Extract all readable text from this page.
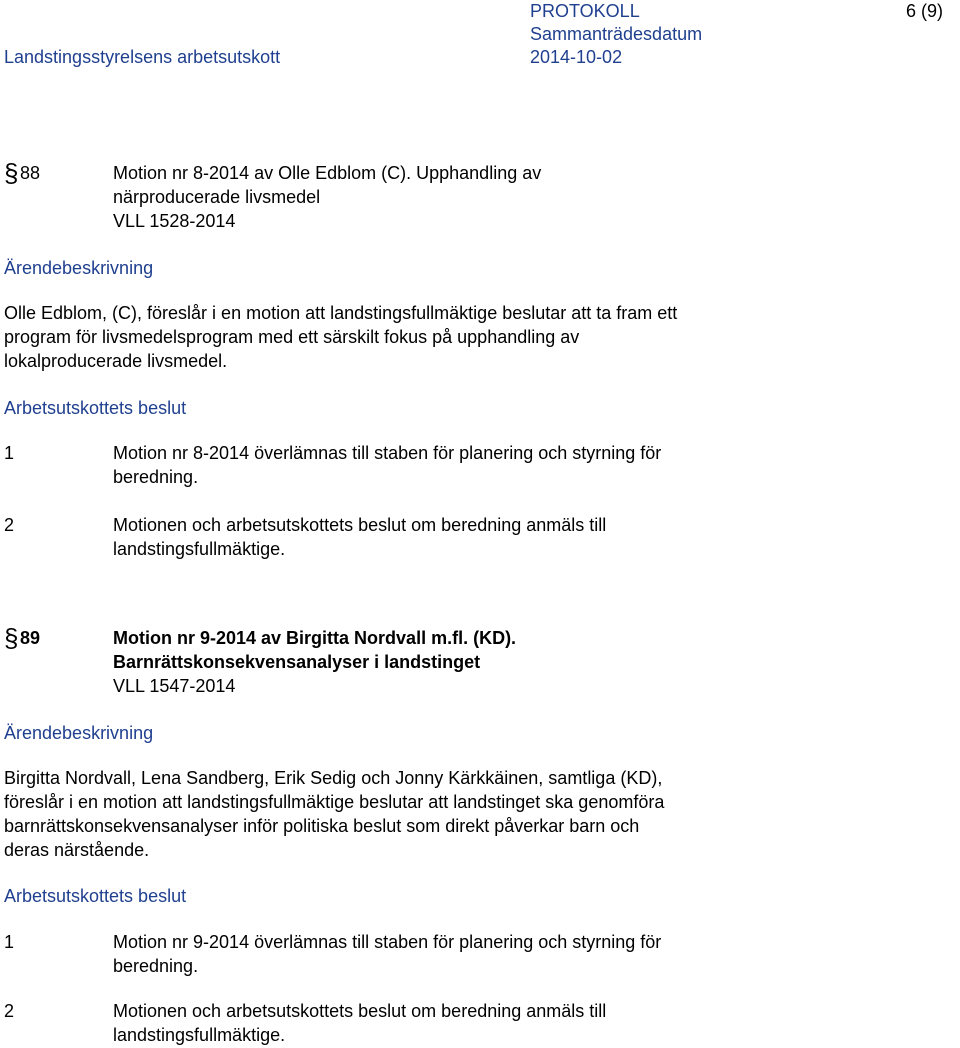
PROTOKOLL	6 (9)
Landstingsstyrelsens arbetsutskott
Sammanträdesdatum
2014-10-02
§ 88	Motion nr 8-2014 av Olle Edblom (C). Upphandling av
närproducerade livsmedel
VLL 1528-2014
Ärendebeskrivning
Olle Edblom, (C), föreslår i en motion att landstingsfullmäktige beslutar att ta fram ett
program för livsmedelsprogram med ett särskilt fokus på upphandling av
lokalproducerade livsmedel.
Arbetsutskottets beslut
1	Motion nr 8-2014 överlämnas till staben för planering och styrning för
beredning.
2	Motionen och arbetsutskottets beslut om beredning anmäls till
landstingsfullmäktige.
§ 89	Motion nr 9-2014 av Birgitta Nordvall m.fl. (KD).
Barnrättskonsekvensanalyser i landstinget
VLL 1547-2014
Ärendebeskrivning
Birgitta Nordvall, Lena Sandberg, Erik Sedig och Jonny Kärkkäinen, samtliga (KD),
föreslår i en motion att landstingsfullmäktige beslutar att landstinget ska genomföra
barnrättskonsekvensanalyser inför politiska beslut som direkt påverkar barn och
deras närstående.
Arbetsutskottets beslut
1	Motion nr 9-2014 överlämnas till staben för planering och styrning för
beredning.
2	Motionen och arbetsutskottets beslut om beredning anmäls till
landstingsfullmäktige.
